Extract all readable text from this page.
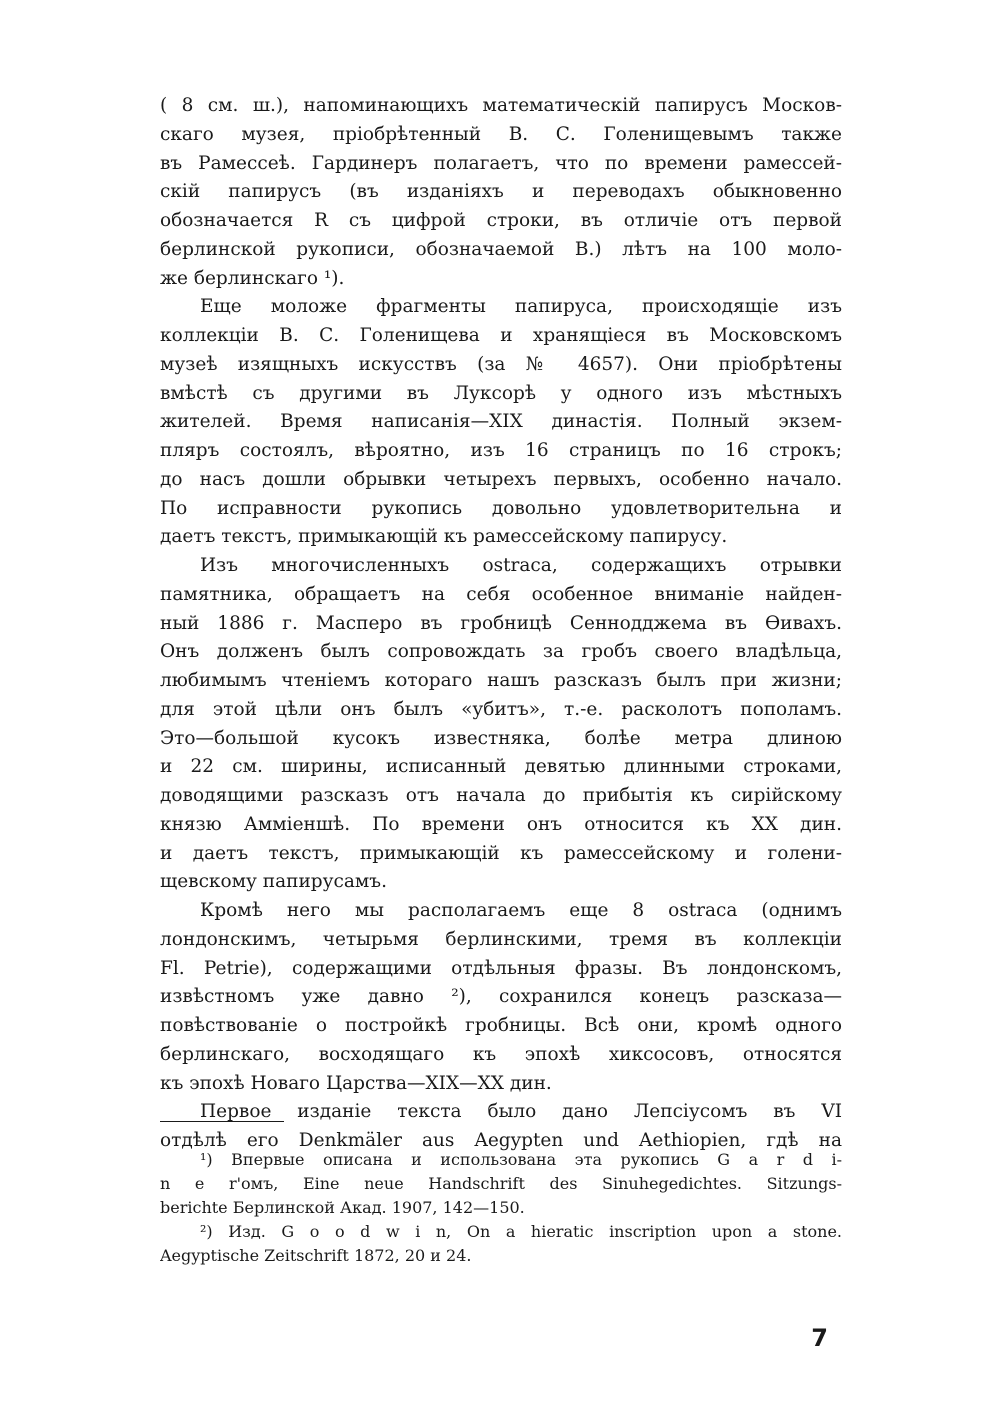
( 8 см. ш.), напоминающихъ математическій папирусъ Москов-
скаго музея, пріобрѣтенный В. С. Голенищевымъ также
въ Рамессеѣ. Гардинеръ полагаетъ, что по времени рамессей-
скій папирусъ (въ изданіяхъ и переводахъ обыкновенно
обозначается R съ цифрой строки, въ отличіе отъ первой
берлинской рукописи, обозначаемой В.) лѣтъ на 100 моло-
же берлинскаго ¹).
Еще моложе фрагменты папируса, происходящіе изъ
коллекціи В. С. Голенищева и хранящіеся въ Московскомъ
музеѣ изящныхъ искусствъ (за № 4657). Они пріобрѣтены
вмѣстѣ съ другими въ Луксорѣ у одного изъ мѣстныхъ
жителей. Время написанія—XIX династія. Полный экзем-
пляръ состоялъ, вѣроятно, изъ 16 страницъ по 16 строкъ;
до насъ дошли обрывки четырехъ первыхъ, особенно начало.
По исправности рукопись довольно удовлетворительна и
даетъ текстъ, примыкающій къ рамессейскому папирусу.
Изъ многочисленныхъ ostraca, содержащихъ отрывки
памятника, обращаетъ на себя особенное вниманіе найден-
ный 1886 г. Масперо въ гробницѣ Сеннодджема въ Ѳивахъ.
Онъ долженъ былъ сопровождать за гробъ своего владѣльца,
любимымъ чтеніемъ котораго нашъ разсказъ былъ при жизни;
для этой цѣли онъ былъ «убитъ», т.-е. расколотъ пополамъ.
Это—большой кусокъ известняка, болѣе метра длиною
и 22 см. ширины, исписанный девятью длинными строками,
доводящими разсказъ отъ начала до прибытія къ сирійскому
князю Амміеншѣ. По времени онъ относится къ XX дин.
и даетъ текстъ, примыкающій къ рамессейскому и голени-
щевскому папирусамъ.
Кромѣ него мы располагаемъ еще 8 ostraca (однимъ
лондонскимъ, четырьмя берлинскими, тремя въ коллекціи
Fl. Petrie), содержащими отдѣльныя фразы. Въ лондонскомъ,
извѣстномъ уже давно ²), сохранился конецъ разсказа—
повѣствованіе о постройкѣ гробницы. Всѣ они, кромѣ одного
берлинскаго, восходящаго къ эпохѣ хиксосовъ, относятся
къ эпохѣ Новаго Царства—XIX—XX дин.
Первое изданіе текста было дано Лепсіусомъ въ VI
отдѣлѣ его Denkmäler aus Aegypten und Aethiopien, гдѣ на
¹) Впервые описана и использована эта рукопись G a r d i-
n e r'омъ, Eine neue Handschrift des Sinuhegedichtes. Sitzungs-
berichte Берлинской Акад. 1907, 142—150.
²) Изд. G o o d w i n, On a hieratic inscription upon a stone.
Aegyptische Zeitschrift 1872, 20 и 24.
7
